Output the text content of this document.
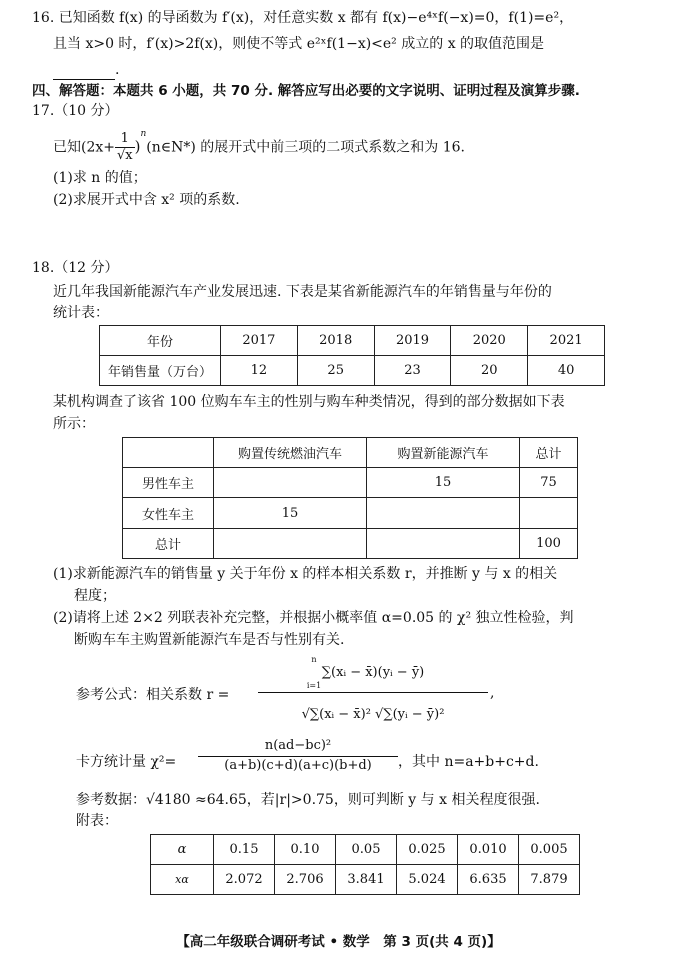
16. 已知函数 f(x) 的导函数为 f′(x)，对任意实数 x 都有 f(x)−e⁴ˣf(−x)=0，f(1)=e²，
且当 x>0 时，f′(x)>2f(x)，则使不等式 e²ˣf(1−x)<e² 成立的 x 的取值范围是
.
四、解答题：本题共 6 小题，共 70 分. 解答应写出必要的文字说明、证明过程及演算步骤.
17.（10 分）
已知($2x+ \frac{1}{√x}$ )$^n(n\in N*)$ 的展开式中前三项的二项式系数之和为 16.
(1)求 n 的值；
(2)求展开式中含 x² 项的系数.
18.（12 分）
近几年我国新能源汽车产业发展迅速. 下表是某省新能源汽车的年销售量与年份的
统计表：
年份	2017	2018	2019	2020	2021
年销售量（万台）	12	25	23	20	40
某机构调查了该省 100 位购车车主的性别与购车种类情况，得到的部分数据如下表
所示：
	购置传统燃油汽车	购置新能源汽车	总计
男性车主		15	75
女性车主	15		
总计			100
(1)求新能源汽车的销售量 y 关于年份 x 的样本相关系数 r，并推断 y 与 x 的相关
程度；
(2)请将上述 2×2 列联表补充完整，并根据小概率值 α=0.05 的 χ² 独立性检验，判
断购车车主购置新能源汽车是否与性别有关.
参考公式：相关系数 r =
n
∑(xᵢ − x̄)(yᵢ − ȳ)
i=1
√∑(xᵢ − x̄)² √∑(yᵢ − ȳ)²
,
卡方统计量 χ²=
n(ad−bc)²
(a+b)(c+d)(a+c)(b+d)	，其中 n=a+b+c+d.
参考数据：√4180 ≈64.65，若|r|>0.75，则可判断 y 与 x 相关程度很强.
附表：
α	0.15	0.10	0.05	0.025	0.010	0.005
xα	2.072	2.706	3.841	5.024	6.635	7.879
【高二年级联合调研考试 • 数学　第 3 页(共 4 页)】
